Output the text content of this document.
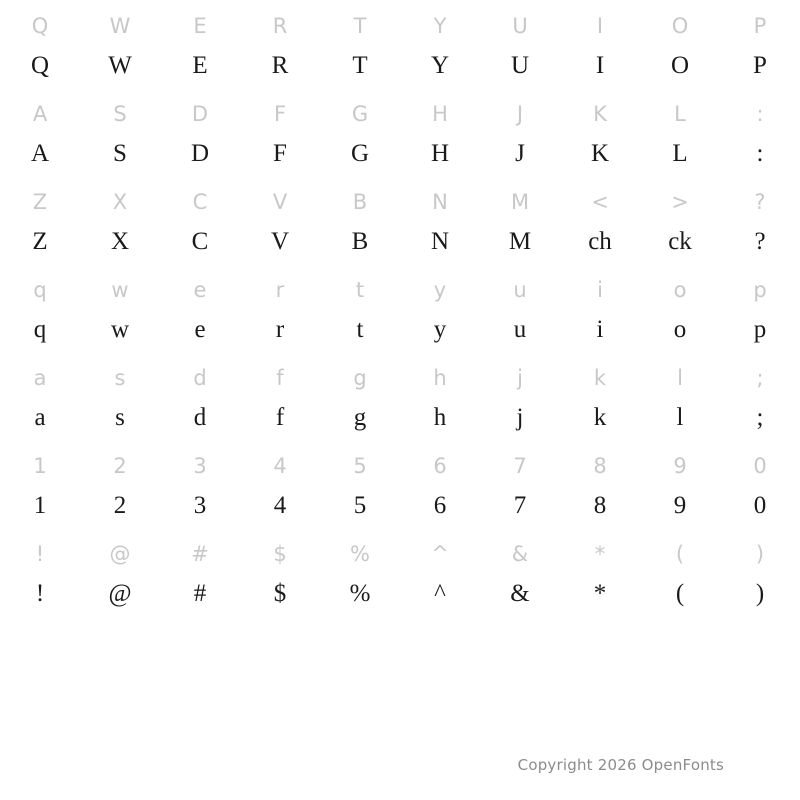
Q	W	E	R	T	Y	U	I	O	P
Q	W	E	R	T	Y	U	I	O	P
A	S	D	F	G	H	J	K	L	:
A	S	D	F	G	H	J	K	L	:
Z	X	C	V	B	N	M	<	>	?
Z	X	C	V	B	N	M	ch	ck	?
q	w	e	r	t	y	u	i	o	p
q	w	e	r	t	y	u	i	o	p
a	s	d	f	g	h	j	k	l	;
a	s	d	f	g	h	j	k	l	;
1	2	3	4	5	6	7	8	9	0
1	2	3	4	5	6	7	8	9	0
!	@	#	$	%	^	&	*	(	)
!	@	#	$	%	^	&	*	(	)
Copyright 2026 OpenFonts
